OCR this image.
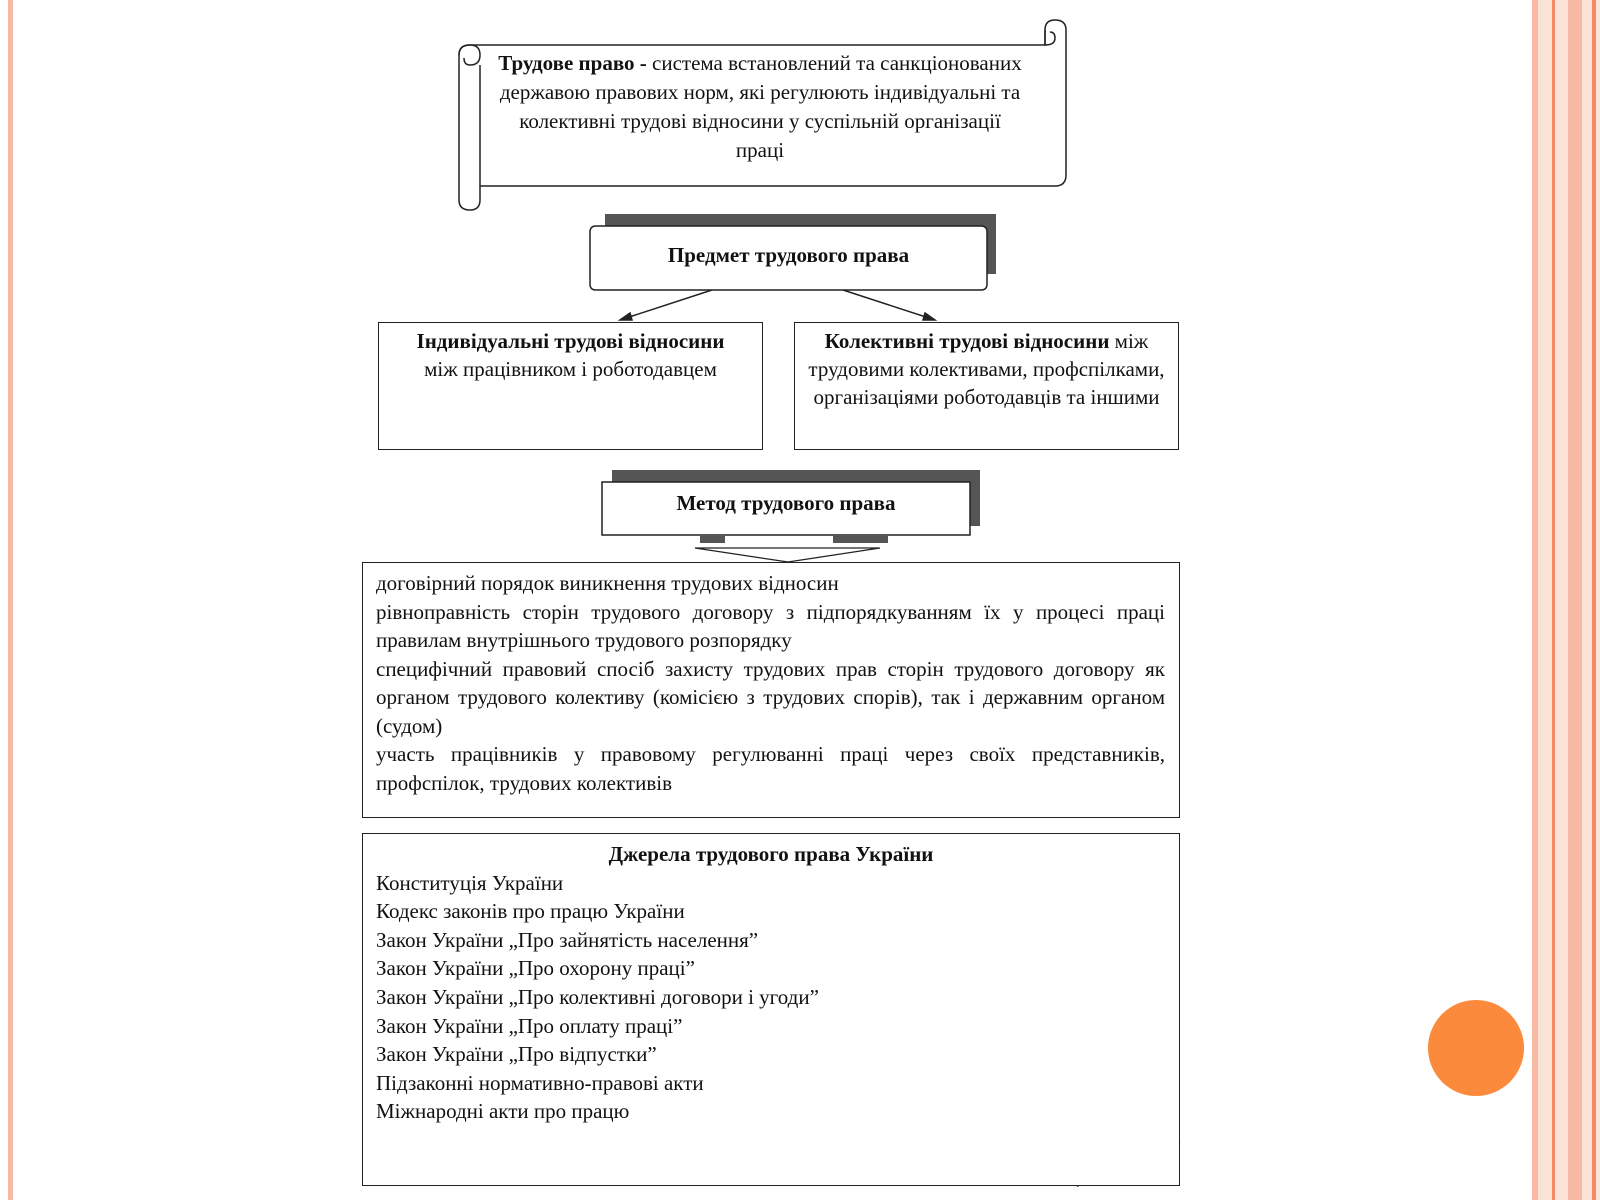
Трудове право - система встановлений та санкціонованих державою правових норм, які регулюють індивідуальні та колективні трудові відносини у суспільній організації праці
Предмет трудового права
Індивідуальні трудові відносини між працівником і роботодавцем
Колективні трудові відносини між трудовими колективами, профспілками, організаціями роботодавців та іншими
Метод трудового права

договірний порядок виникнення трудових відносин

рівноправність сторін трудового договору з підпорядкуванням їх у процесі праці правилам внутрішнього трудового розпорядку

специфічний правовий спосіб захисту трудових прав сторін трудового договору як органом трудового колективу (комісією з трудових спорів), так і державним органом (судом)

участь працівників у правовому регулюванні праці через своїх представників, профспілок, трудових колективів

Джерела трудового права України
Конституція України
Кодекс законів про працю України
Закон України „Про зайнятість населення”
Закон України „Про охорону праці”
Закон України „Про колективні договори і угоди”
Закон України „Про оплату праці”
Закон України „Про відпустки”
Підзаконні нормативно-правові акти
Міжнародні акти про працю
